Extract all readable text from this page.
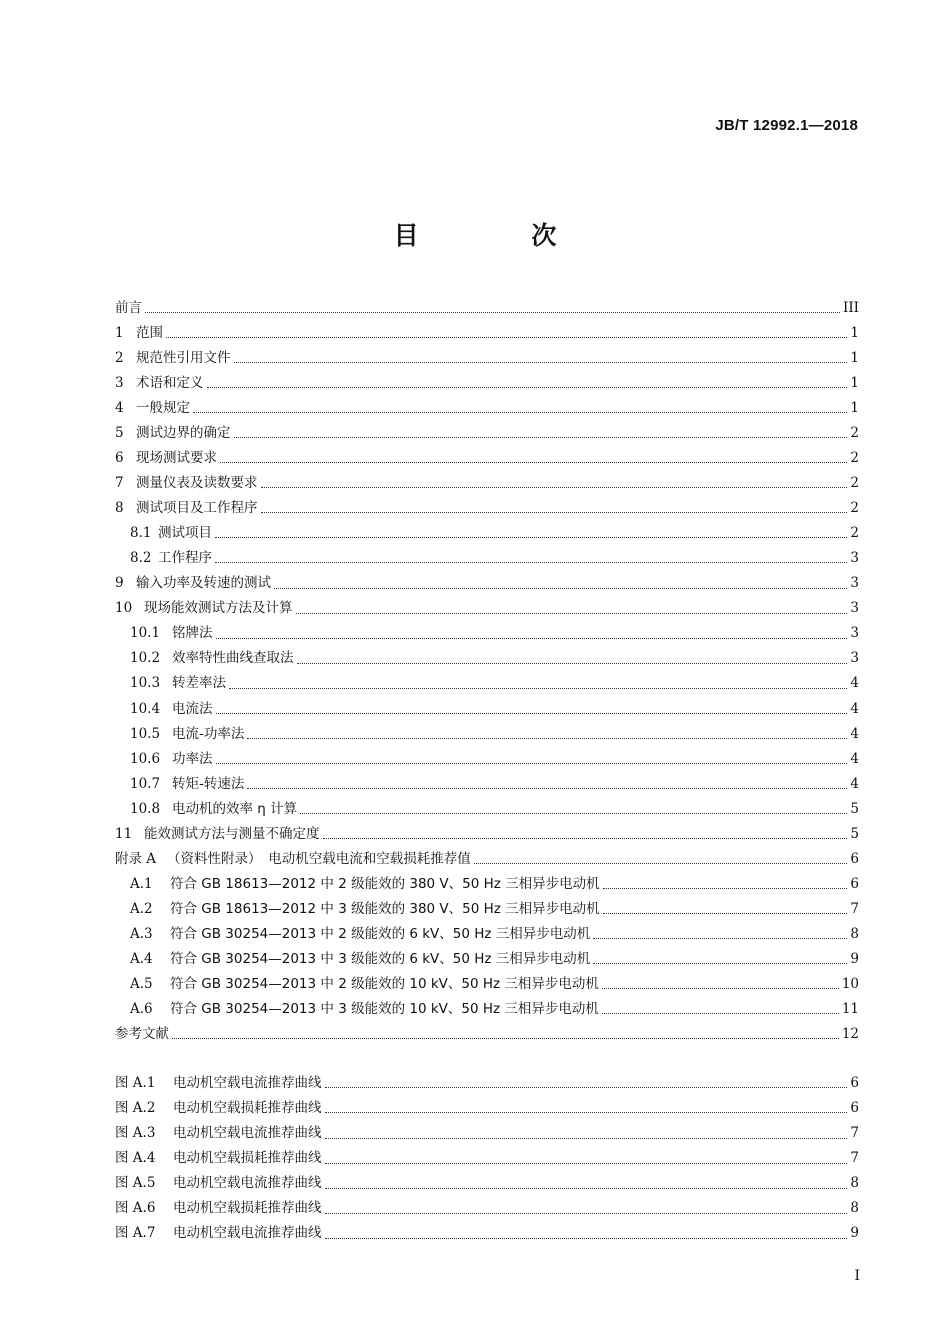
JB/T 12992.1—2018
目 次
前言	III
1 范围	1
2 规范性引用文件	1
3 术语和定义	1
4 一般规定	1
5 测试边界的确定	2
6 现场测试要求	2
7 测量仪表及读数要求	2
8 测试项目及工作程序	2
8.1 测试项目	2
8.2 工作程序	3
9 输入功率及转速的测试	3
10 现场能效测试方法及计算	3
10.1 铭牌法	3
10.2 效率特性曲线查取法	3
10.3 转差率法	4
10.4 电流法	4
10.5 电流-功率法	4
10.6 功率法	4
10.7 转矩-转速法	4
10.8 电动机的效率 η 计算	5
11 能效测试方法与测量不确定度	5
附录 A （资料性附录）　电动机空载电流和空载损耗推荐值	6
A.1	符合 GB 18613—2012 中 2 级能效的 380 V、50 Hz 三相异步电动机	6
A.2	符合 GB 18613—2012 中 3 级能效的 380 V、50 Hz 三相异步电动机	7
A.3	符合 GB 30254—2013 中 2 级能效的 6 kV、50 Hz 三相异步电动机	8
A.4	符合 GB 30254—2013 中 3 级能效的 6 kV、50 Hz 三相异步电动机	9
A.5	符合 GB 30254—2013 中 2 级能效的 10 kV、50 Hz 三相异步电动机	10
A.6	符合 GB 30254—2013 中 3 级能效的 10 kV、50 Hz 三相异步电动机	11
参考文献	12
图 A.1	电动机空载电流推荐曲线	6
图 A.2	电动机空载损耗推荐曲线	6
图 A.3	电动机空载电流推荐曲线	7
图 A.4	电动机空载损耗推荐曲线	7
图 A.5	电动机空载电流推荐曲线	8
图 A.6	电动机空载损耗推荐曲线	8
图 A.7	电动机空载电流推荐曲线	9
I
